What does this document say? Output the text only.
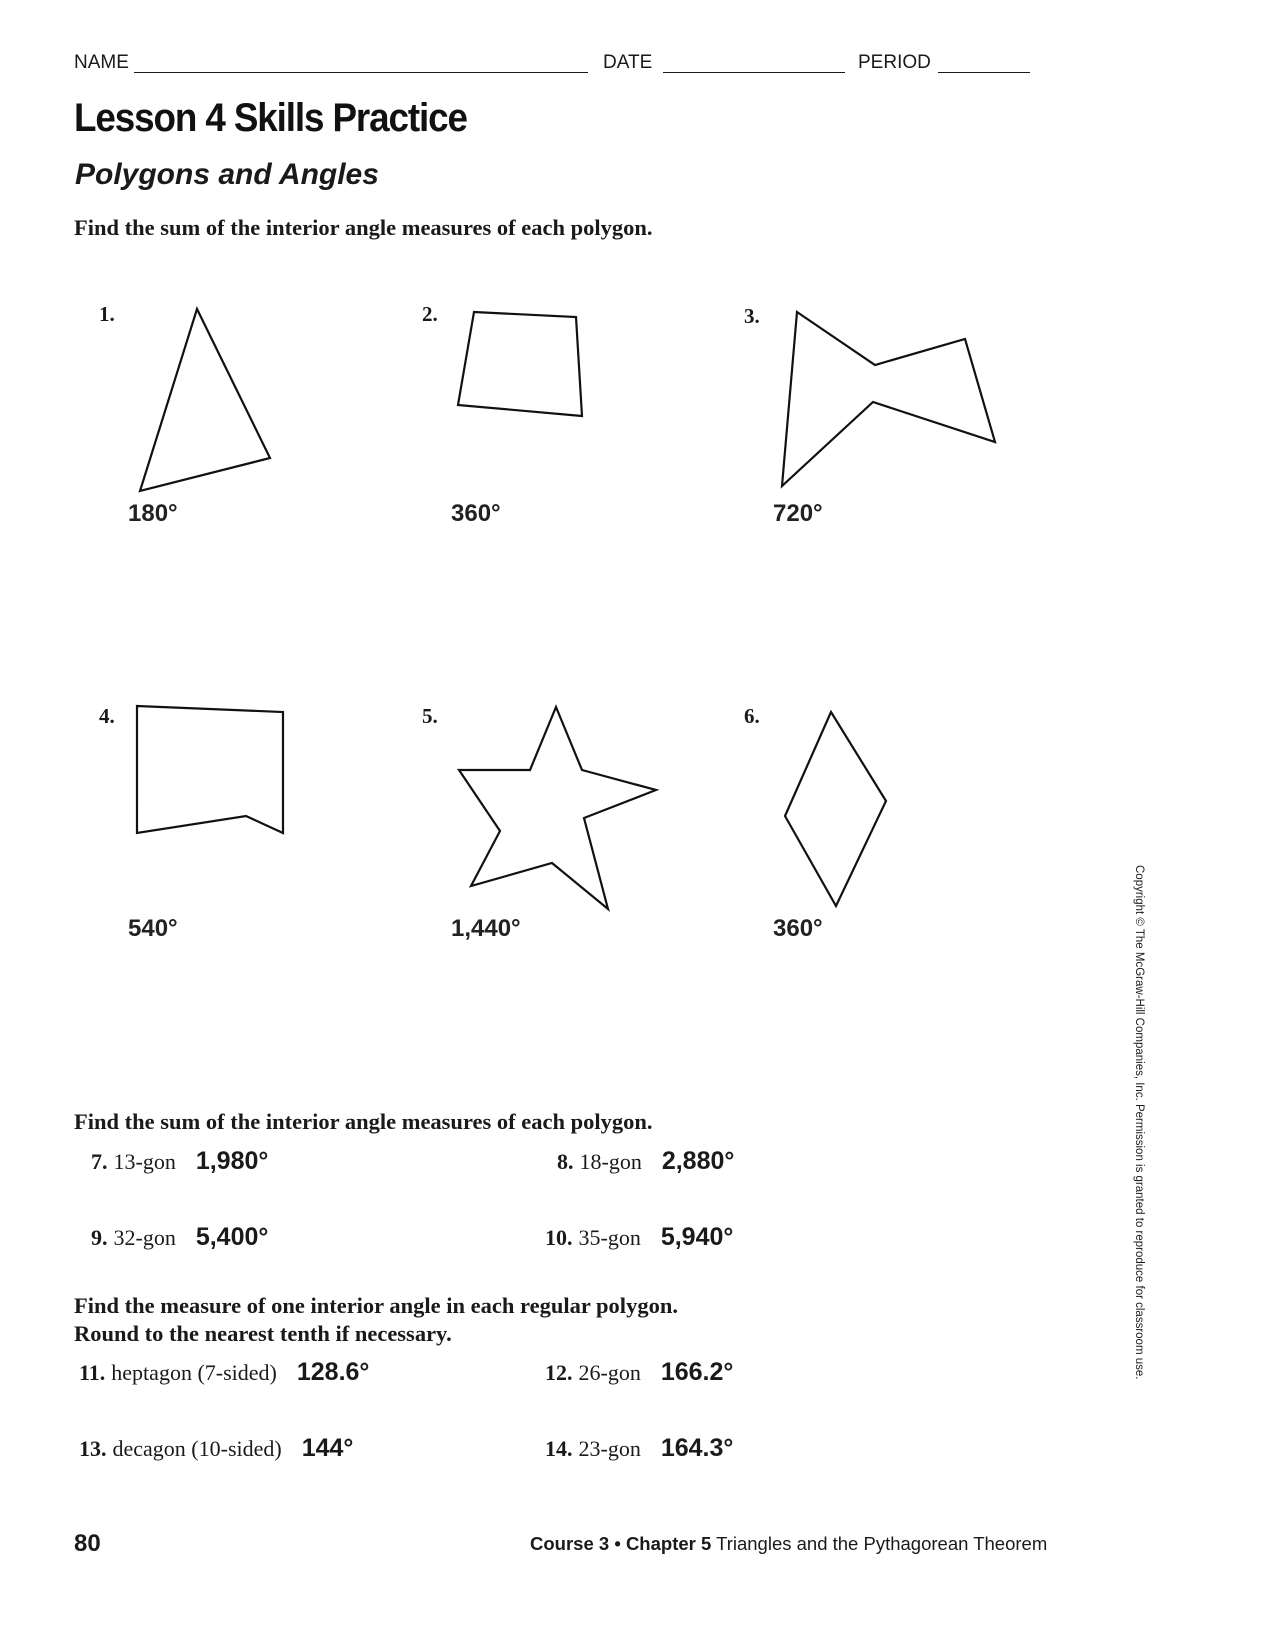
NAME	DATE	PERIOD
Lesson 4 Skills Practice
Polygons and Angles
Find the sum of the interior angle measures of each polygon.
1.
180°
2.
360°
3.
720°
4.
540°
5.
1,440°
6.
360°
Find the sum of the interior angle measures of each polygon.
7. 13-gon 1,980°	8. 18-gon 2,880°
9. 32-gon 5,400°	10. 35-gon 5,940°
Find the measure of one interior angle in each regular polygon.
Round to the nearest tenth if necessary.
11. heptagon (7-sided) 128.6°	12. 26-gon 166.2°
13. decagon (10-sided) 144°	14. 23-gon 164.3°
80	Course 3 • Chapter 5 Triangles and the Pythagorean Theorem
Copyright © The McGraw-Hill Companies, Inc. Permission is granted to reproduce for classroom use.
